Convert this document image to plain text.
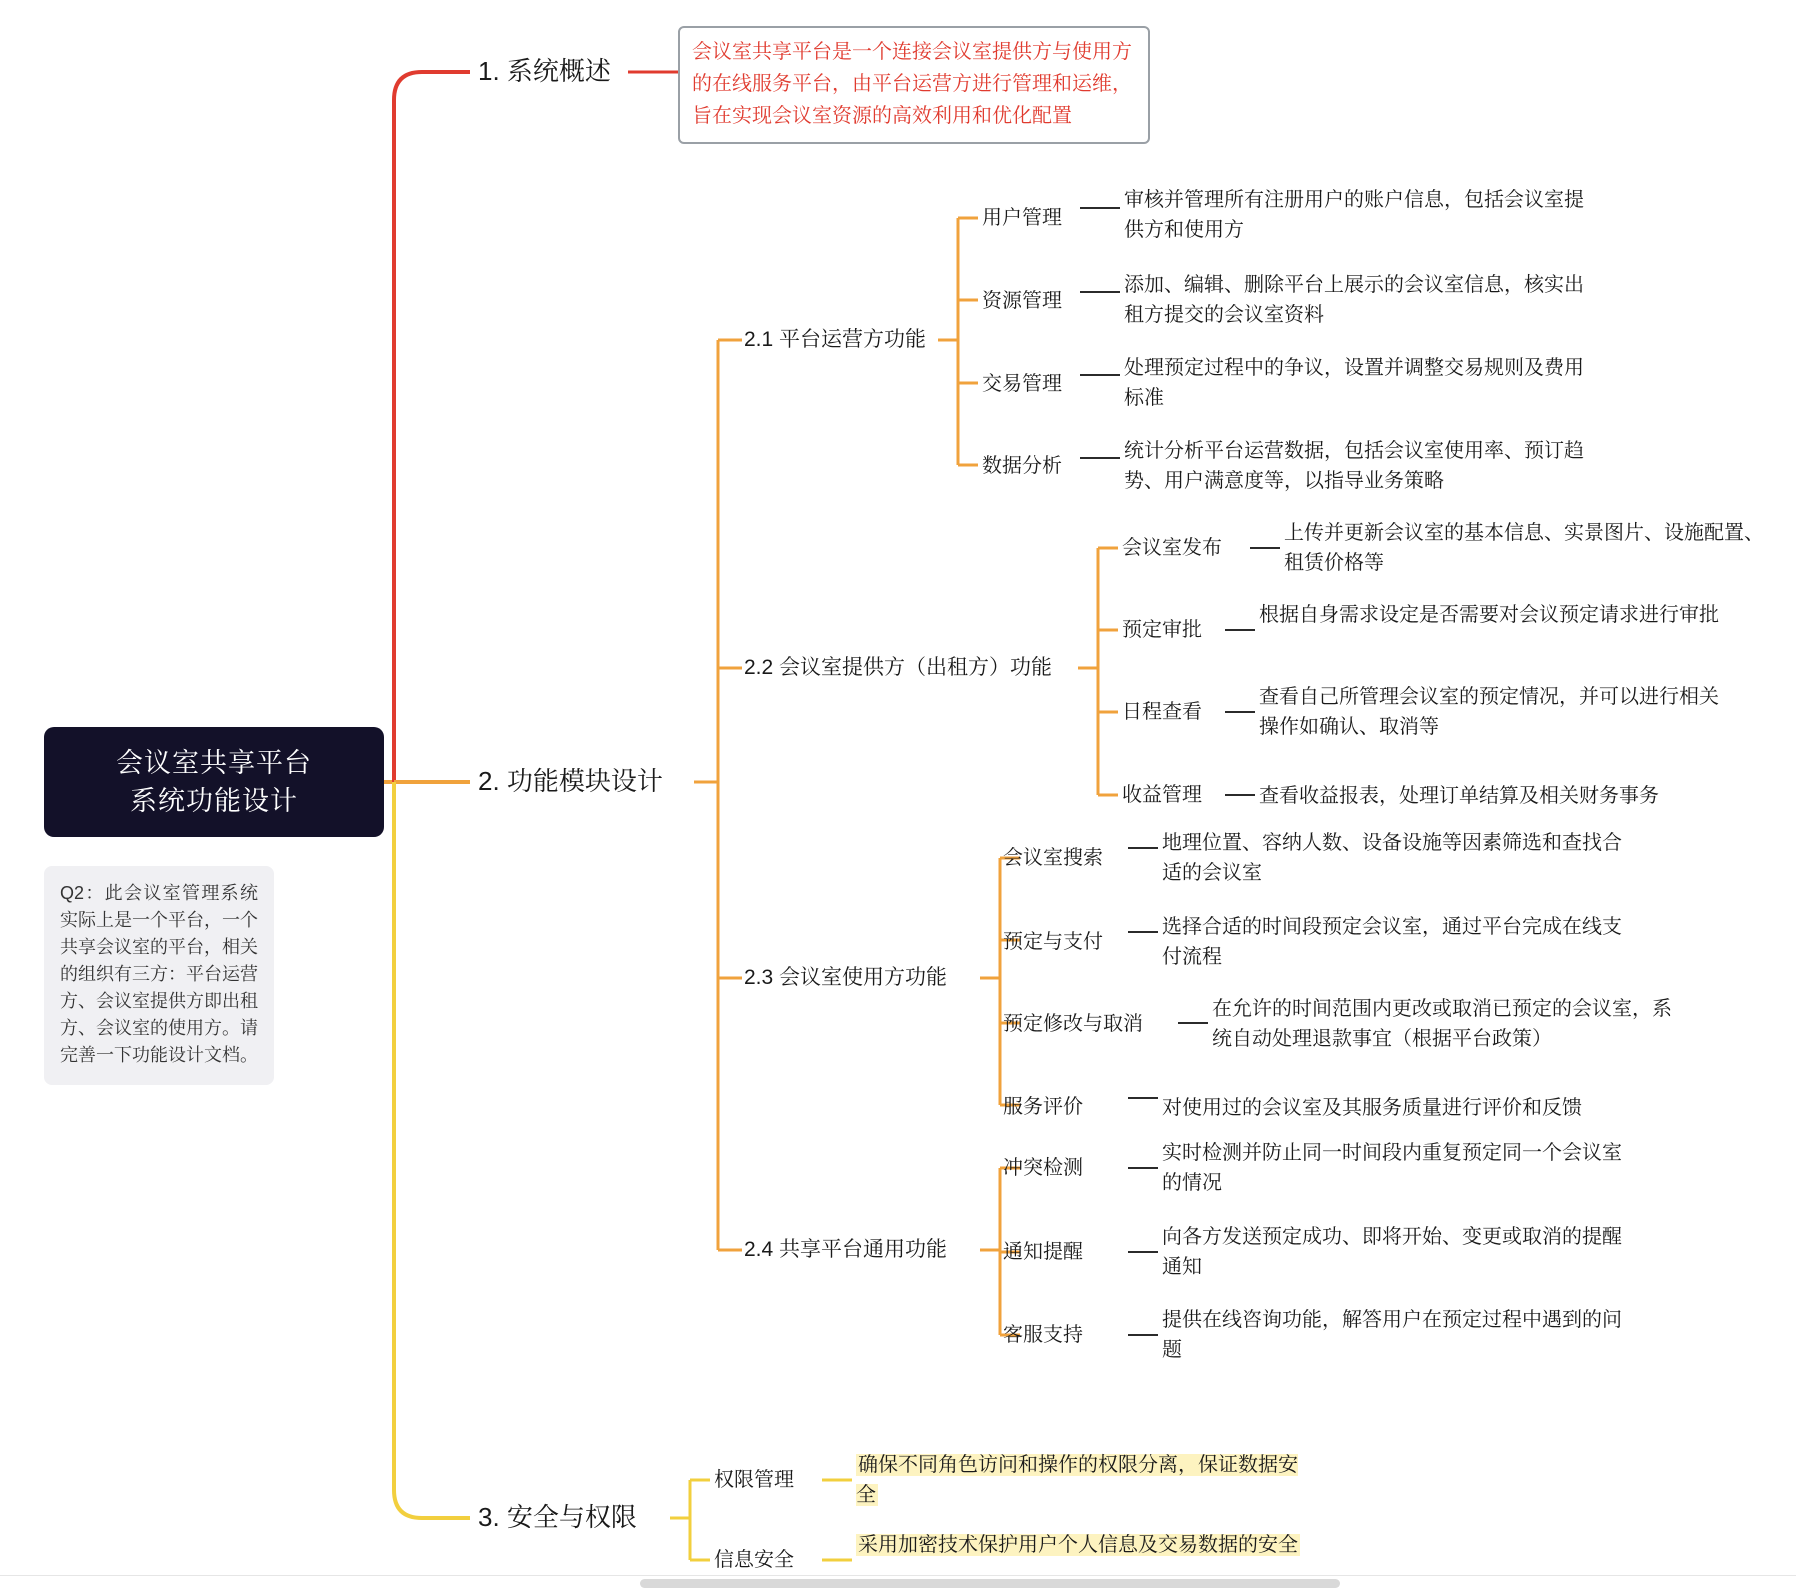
会议室共享平台
系统功能设计
Q2：此会议室管理系统实际上是一个平台，一个共享会议室的平台，相关的组织有三方：平台运营方、会议室提供方即出租方、会议室的使用方。请完善一下功能设计文档。
1. 系统概述
会议室共享平台是一个连接会议室提供方与使用方的在线服务平台，由平台运营方进行管理和运维，旨在实现会议室资源的高效利用和优化配置
2. 功能模块设计
2.1 平台运营方功能
用户管理
审核并管理所有注册用户的账户信息，包括会议室提供方和使用方
资源管理
添加、编辑、删除平台上展示的会议室信息，核实出租方提交的会议室资料
交易管理
处理预定过程中的争议，设置并调整交易规则及费用标准
数据分析
统计分析平台运营数据，包括会议室使用率、预订趋势、用户满意度等，以指导业务策略
2.2 会议室提供方（出租方）功能
会议室发布
上传并更新会议室的基本信息、实景图片、设施配置、租赁价格等
预定审批
根据自身需求设定是否需要对会议预定请求进行审批
日程查看
查看自己所管理会议室的预定情况，并可以进行相关操作如确认、取消等
收益管理	查看收益报表，处理订单结算及相关财务事务
2.3 会议室使用方功能
会议室搜索
地理位置、容纳人数、设备设施等因素筛选和查找合适的会议室
预定与支付
选择合适的时间段预定会议室，通过平台完成在线支付流程
预定修改与取消
在允许的时间范围内更改或取消已预定的会议室，系统自动处理退款事宜（根据平台政策）
服务评价	对使用过的会议室及其服务质量进行评价和反馈
2.4 共享平台通用功能
冲突检测
实时检测并防止同一时间段内重复预定同一个会议室的情况
通知提醒
向各方发送预定成功、即将开始、变更或取消的提醒通知
客服支持
提供在线咨询功能，解答用户在预定过程中遇到的问题
3. 安全与权限
权限管理
确保不同角色访问和操作的权限分离，保证数据安全
信息安全
采用加密技术保护用户个人信息及交易数据的安全
